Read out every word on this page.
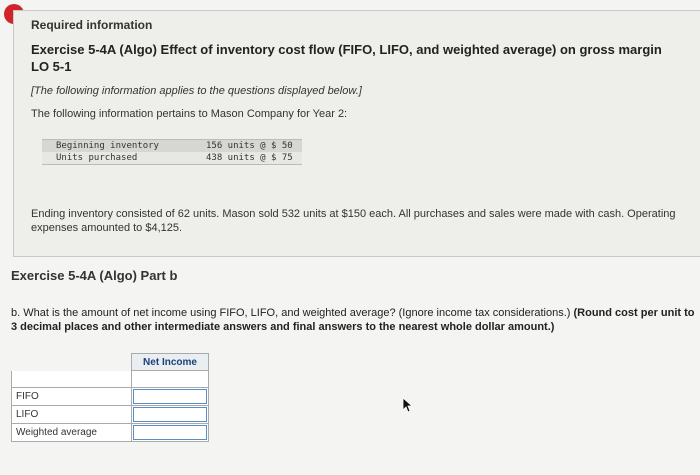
Required information
Exercise 5-4A (Algo) Effect of inventory cost flow (FIFO, LIFO, and weighted average) on gross margin LO 5-1
[The following information applies to the questions displayed below.]
The following information pertains to Mason Company for Year 2:
Beginning inventory	156 units @ $ 50
Units purchased	438 units @ $ 75
Ending inventory consisted of 62 units. Mason sold 532 units at $150 each. All purchases and sales were made with cash. Operating expenses amounted to $4,125.
Exercise 5-4A (Algo) Part b
b. What is the amount of net income using FIFO, LIFO, and weighted average? (Ignore income tax considerations.) (Round cost per unit to 3 decimal places and other intermediate answers and final answers to the nearest whole dollar amount.)
	Net Income

FIFO	
LIFO	
Weighted average	
